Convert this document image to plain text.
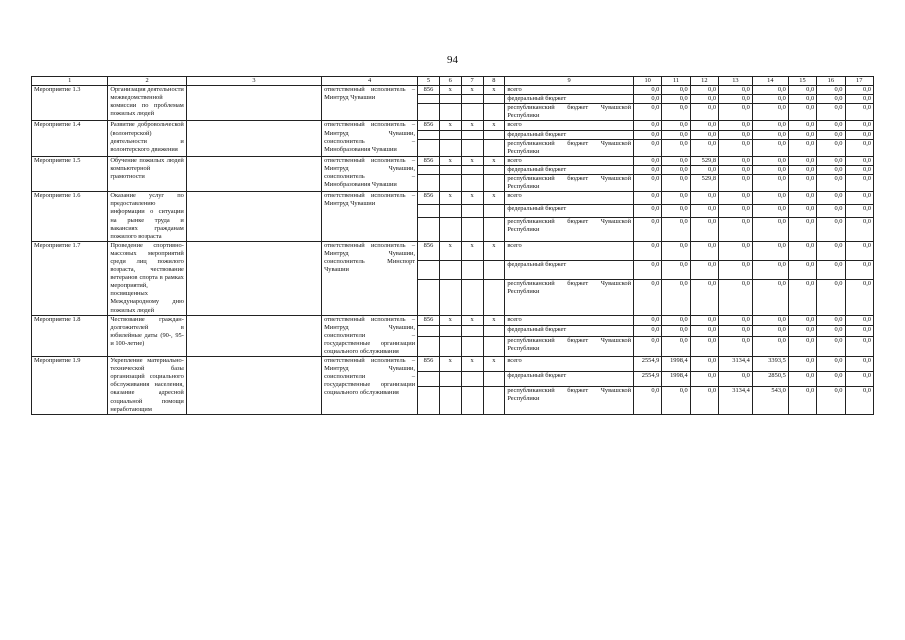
94
1	2	3	4	5	6	7	8	9	10	11	12	13	14	15	16	17
Мероприятие 1.3	Организация деятельности межведомственной комиссии по проблемам пожилых людей		ответственный исполнитель – Минтруд Чувашии	856	x	x	x	всего	0,0	0,0	0,0	0,0	0,0	0,0	0,0	0,0
								федеральный бюджет	0,0	0,0	0,0	0,0	0,0	0,0	0,0	0,0
								республиканский бюджет Чувашской Республики	0,0	0,0	0,0	0,0	0,0	0,0	0,0	0,0
Мероприятие 1.4	Развитие добровольческой (волонтерской) деятельности и волонтерского движения		ответственный исполнитель – Минтруд Чувашии, соисполнитель – Минобразования Чувашии	856	x	x	x	всего	0,0	0,0	0,0	0,0	0,0	0,0	0,0	0,0
								федеральный бюджет	0,0	0,0	0,0	0,0	0,0	0,0	0,0	0,0
								республиканский бюджет Чувашской Республики	0,0	0,0	0,0	0,0	0,0	0,0	0,0	0,0
Мероприятие 1.5	Обучение пожилых людей компьютерной грамотности		ответственный исполнитель – Минтруд Чувашии, соисполнитель – Минобразования Чувашии	856	x	x	x	всего	0,0	0,0	529,8	0,0	0,0	0,0	0,0	0,0
								федеральный бюджет	0,0	0,0	0,0	0,0	0,0	0,0	0,0	0,0
								республиканский бюджет Чувашской Республики	0,0	0,0	529,8	0,0	0,0	0,0	0,0	0,0
Мероприятие 1.6	Оказание услуг по предоставлению информации о ситуации на рынке труда и вакансиях гражданам пожилого возраста		ответственный исполнитель – Минтруд Чувашии	856	x	x	x	всего	0,0	0,0	0,0	0,0	0,0	0,0	0,0	0,0
								федеральный бюджет	0,0	0,0	0,0	0,0	0,0	0,0	0,0	0,0
								республиканский бюджет Чувашской Республики	0,0	0,0	0,0	0,0	0,0	0,0	0,0	0,0
Мероприятие 1.7	Проведение спортивно-массовых мероприятий среди лиц пожилого возраста, чествование ветеранов спорта в рамках мероприятий, посвященных Международному дню пожилых людей		ответственный исполнитель – Минтруд Чувашии, соисполнитель Минспорт Чувашии	856	x	x	x	всего	0,0	0,0	0,0	0,0	0,0	0,0	0,0	0,0
								федеральный бюджет	0,0	0,0	0,0	0,0	0,0	0,0	0,0	0,0
								республиканский бюджет Чувашской Республики	0,0	0,0	0,0	0,0	0,0	0,0	0,0	0,0
Мероприятие 1.8	Чествование граждан-долгожителей в юбилейные даты (90-, 95- и 100-летие)		ответственный исполнитель – Минтруд Чувашии, соисполнители – государственные организации социального обслуживания	856	x	x	x	всего	0,0	0,0	0,0	0,0	0,0	0,0	0,0	0,0
								федеральный бюджет	0,0	0,0	0,0	0,0	0,0	0,0	0,0	0,0
								республиканский бюджет Чувашской Республики	0,0	0,0	0,0	0,0	0,0	0,0	0,0	0,0
Мероприятие 1.9	Укрепление материально-технической базы организаций социального обслуживания населения, оказание адресной социальной помощи неработающим		ответственный исполнитель – Минтруд Чувашии, соисполнители – государственные организации социального обслуживания	856	x	x	x	всего	2554,9	1998,4	0,0	3134,4	3393,5	0,0	0,0	0,0
								федеральный бюджет	2554,9	1998,4	0,0	0,0	2850,5	0,0	0,0	0,0
								республиканский бюджет Чувашской Республики	0,0	0,0	0,0	3134,4	543,0	0,0	0,0	0,0
